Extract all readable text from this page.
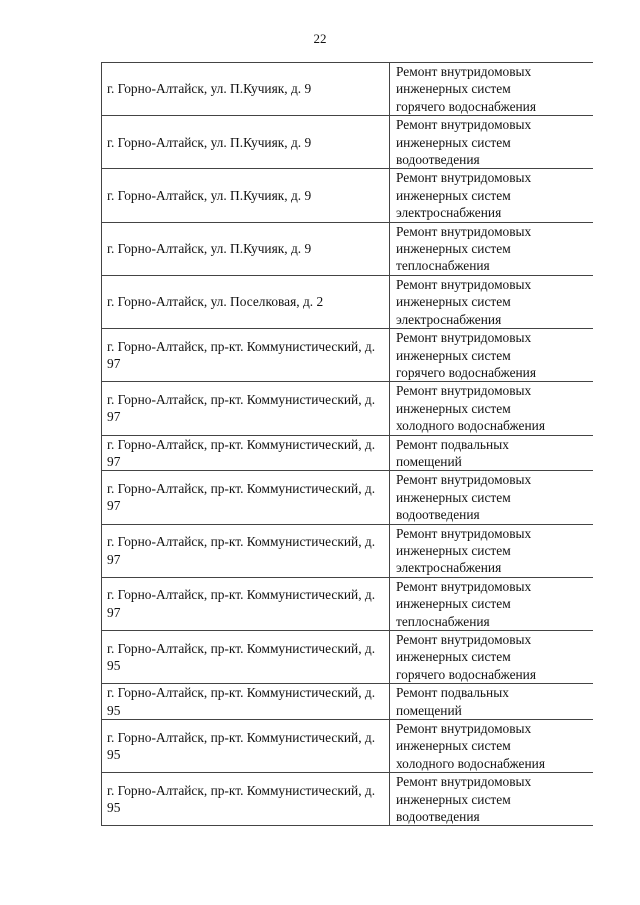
22
г. Горно-Алтайск, ул. П.Кучияк, д. 9	Ремонт внутридомовых
инженерных систем
горячего водоснабжения
г. Горно-Алтайск, ул. П.Кучияк, д. 9	Ремонт внутридомовых
инженерных систем
водоотведения
г. Горно-Алтайск, ул. П.Кучияк, д. 9	Ремонт внутридомовых
инженерных систем
электроснабжения
г. Горно-Алтайск, ул. П.Кучияк, д. 9	Ремонт внутридомовых
инженерных систем
теплоснабжения
г. Горно-Алтайск, ул. Поселковая, д. 2	Ремонт внутридомовых
инженерных систем
электроснабжения
г. Горно-Алтайск, пр-кт. Коммунистический, д. 97	Ремонт внутридомовых
инженерных систем
горячего водоснабжения
г. Горно-Алтайск, пр-кт. Коммунистический, д. 97	Ремонт внутридомовых
инженерных систем
холодного водоснабжения
г. Горно-Алтайск, пр-кт. Коммунистический, д. 97	Ремонт подвальных
помещений
г. Горно-Алтайск, пр-кт. Коммунистический, д. 97	Ремонт внутридомовых
инженерных систем
водоотведения
г. Горно-Алтайск, пр-кт. Коммунистический, д. 97	Ремонт внутридомовых
инженерных систем
электроснабжения
г. Горно-Алтайск, пр-кт. Коммунистический, д. 97	Ремонт внутридомовых
инженерных систем
теплоснабжения
г. Горно-Алтайск, пр-кт. Коммунистический, д. 95	Ремонт внутридомовых
инженерных систем
горячего водоснабжения
г. Горно-Алтайск, пр-кт. Коммунистический, д. 95	Ремонт подвальных
помещений
г. Горно-Алтайск, пр-кт. Коммунистический, д. 95	Ремонт внутридомовых
инженерных систем
холодного водоснабжения
г. Горно-Алтайск, пр-кт. Коммунистический, д. 95	Ремонт внутридомовых
инженерных систем
водоотведения
